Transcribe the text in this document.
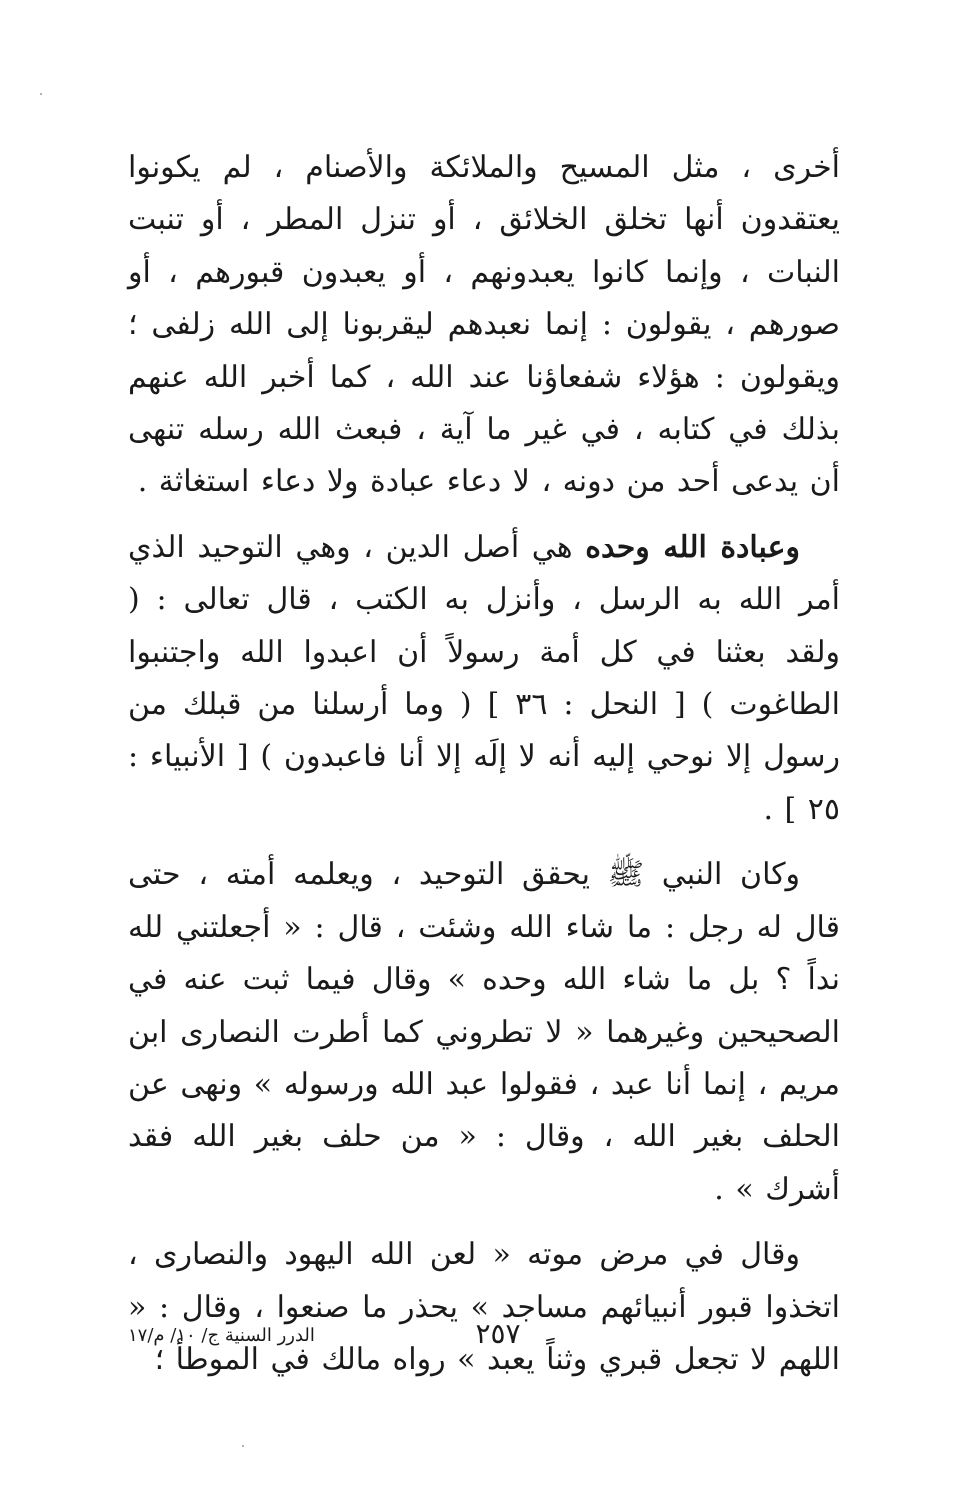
أخرى ، مثل المسيح والملائكة والأصنام ، لم يكونوا يعتقدون أنها تخلق الخلائق ، أو تنزل المطر ، أو تنبت النبات ، وإنما كانوا يعبدونهم ، أو يعبدون قبورهم ، أو صورهم ، يقولون : إنما نعبدهم ليقربونا إلى الله زلفى ؛ ويقولون : هؤلاء شفعاؤنا عند الله ، كما أخبر الله عنهم بذلك في كتابه ، في غير ما آية ، فبعث الله رسله تنهى أن يدعى أحد من دونه ، لا دعاء عبادة ولا دعاء استغاثة .

وعبادة الله وحده هي أصل الدين ، وهي التوحيد الذي أمر الله به الرسل ، وأنزل به الكتب ، قال تعالى : ( ولقد بعثنا في كل أمة رسولاً أن اعبدوا الله واجتنبوا الطاغوت ) [ النحل : ٣٦ ] ( وما أرسلنا من قبلك من رسول إلا نوحي إليه أنه لا إلَه إلا أنا فاعبدون ) [ الأنبياء : ٢٥ ] .

وكان النبي ﷺ يحقق التوحيد ، ويعلمه أمته ، حتى قال له رجل : ما شاء الله وشئت ، قال : « أجعلتني لله نداً ؟ بل ما شاء الله وحده » وقال فيما ثبت عنه في الصحيحين وغيرهما « لا تطروني كما أطرت النصارى ابن مريم ، إنما أنا عبد ، فقولوا عبد الله ورسوله » ونهى عن الحلف بغير الله ، وقال : « من حلف بغير الله فقد أشرك » .

وقال في مرض موته « لعن الله اليهود والنصارى ، اتخذوا قبور أنبيائهم مساجد » يحذر ما صنعوا ، وقال : « اللهم لا تجعل قبري وثناً يعبد » رواه مالك في الموطأ ؛

٢٥٧
الدرر السنية ج/ ١٠/ م/١٧
